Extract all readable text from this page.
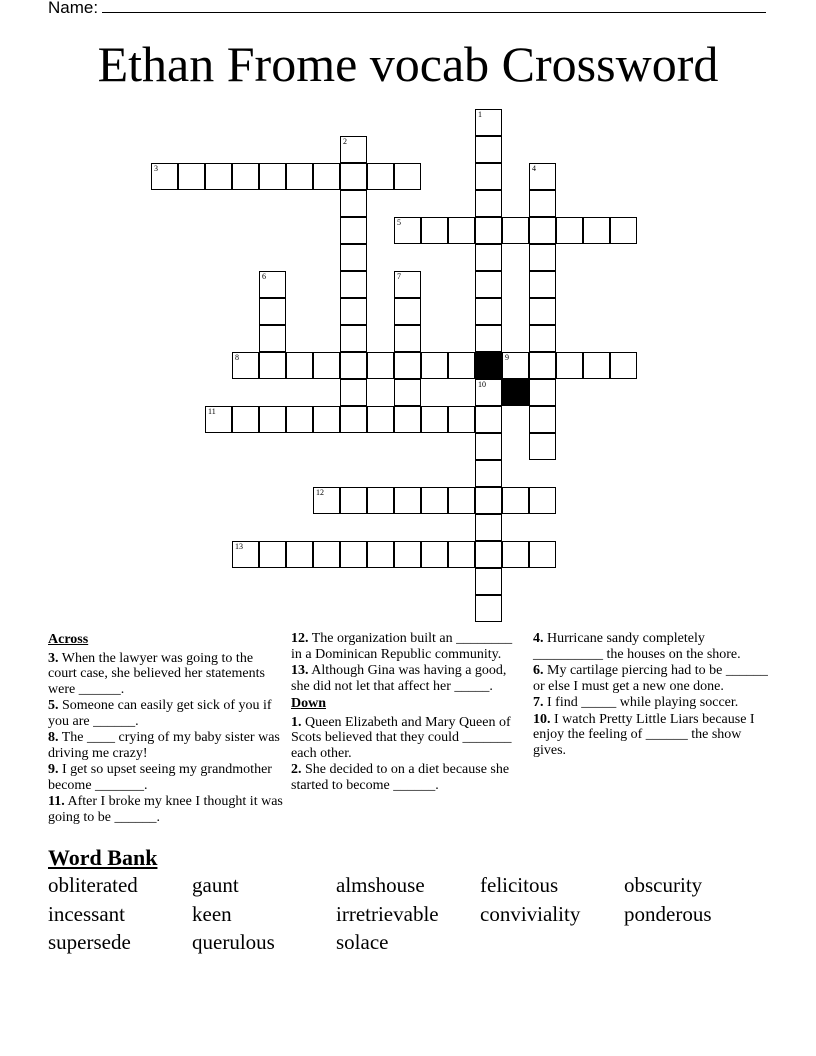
Name:
Ethan Frome vocab Crossword
1
10
2
3	4
5
6	7
8	9
11
12
13
Across
3. When the lawyer was going to the court case, she believed her statements were ______.
5. Someone can easily get sick of you if you are ______.
8. The ____ crying of my baby sister was driving me crazy!
9. I get so upset seeing my grandmother become _______.
11. After I broke my knee I thought it was going to be ______.
12. The organization built an ________ in a Dominican Republic community.
13. Although Gina was having a good, she did not let that affect her _____.
Down
1. Queen Elizabeth and Mary Queen of Scots believed that they could _______ each other.
2. She decided to on a diet because she started to become ______.
4. Hurricane sandy completely __________ the houses on the shore.
6. My cartilage piercing had to be ______ or else I must get a new one done.
7. I find _____ while playing soccer.
10. I watch Pretty Little Liars because I enjoy the feeling of ______ the show gives.
Word Bank
obliterated	gaunt	almshouse	felicitous	obscurity
incessant	keen	irretrievable	conviviality	ponderous
supersede	querulous	solace
